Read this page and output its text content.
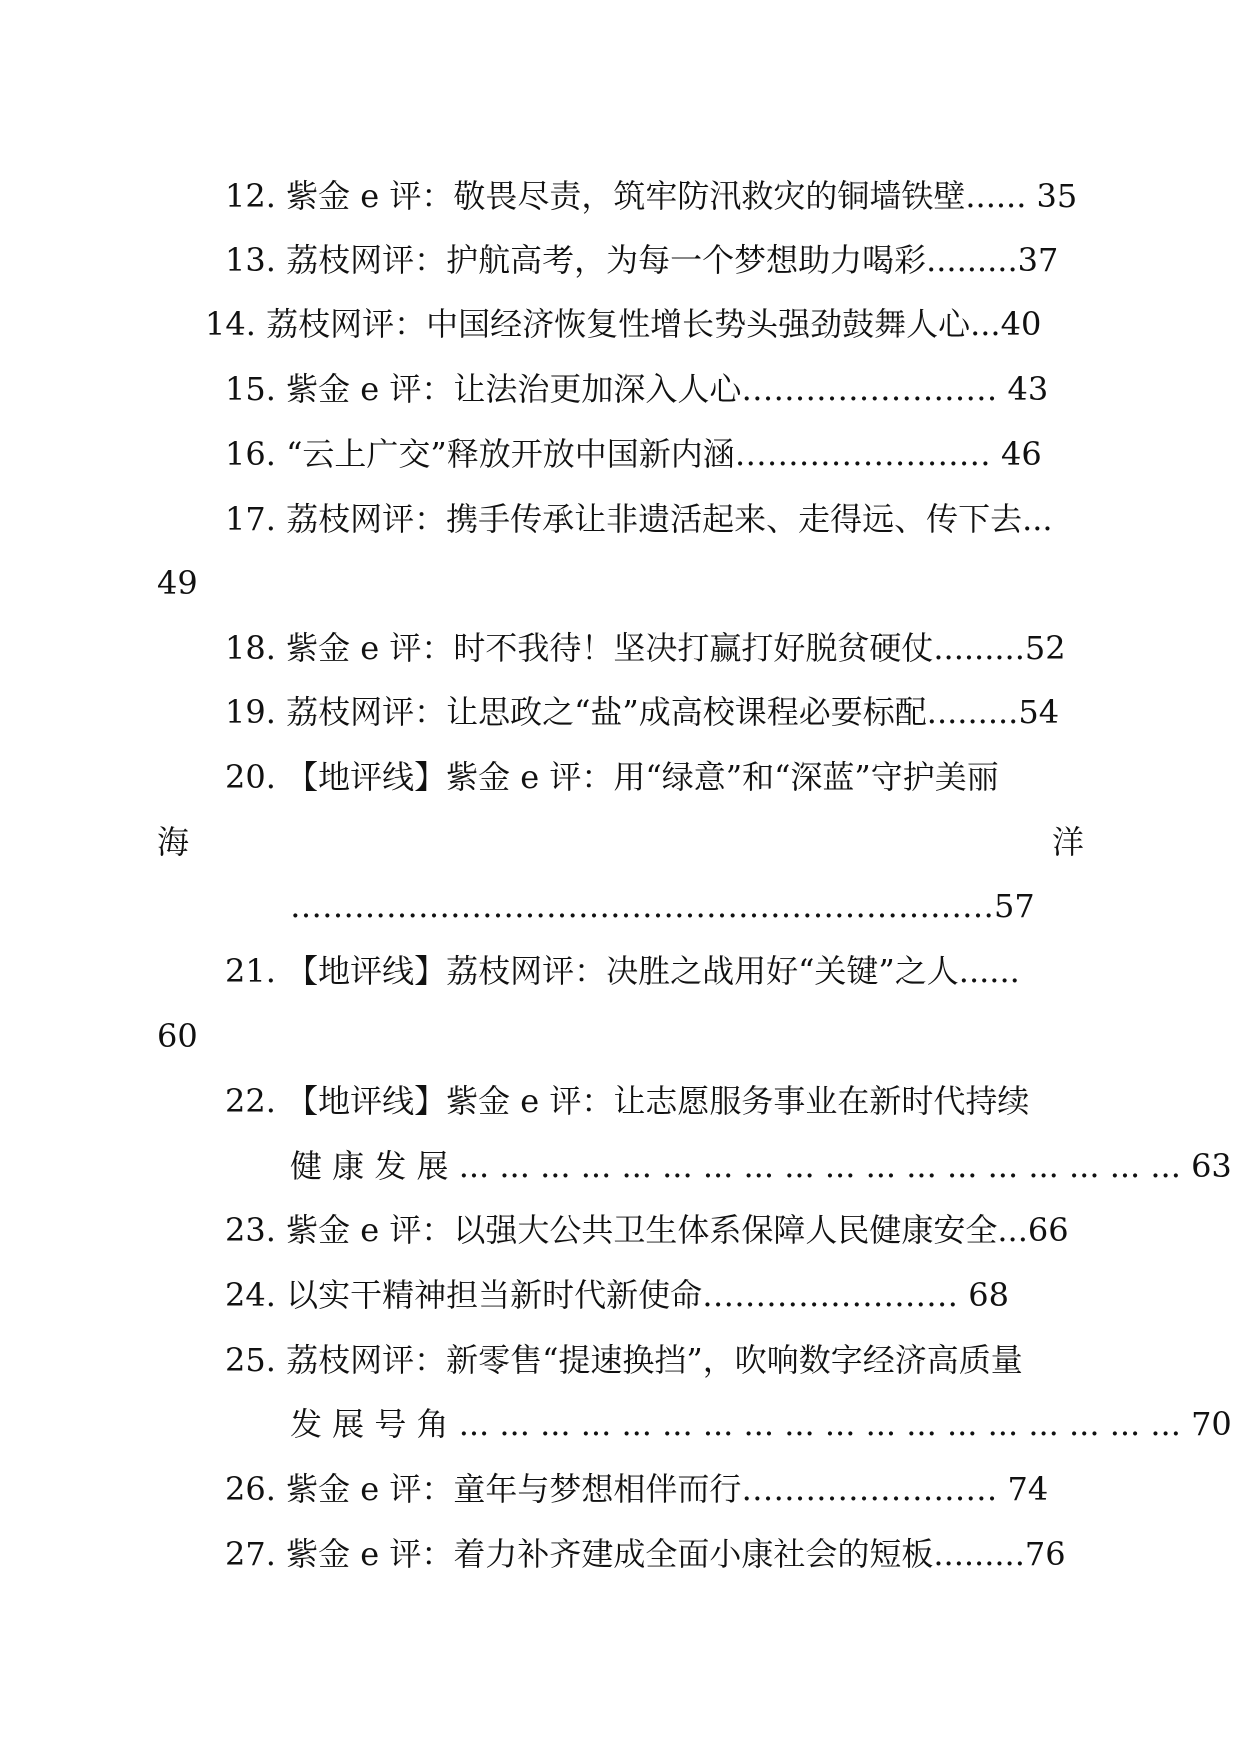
12. 紫金 e 评：敬畏尽责，筑牢防汛救灾的铜墙铁壁...... 35
13. 荔枝网评：护航高考，为每一个梦想助力喝彩.........37
14. 荔枝网评：中国经济恢复性增长势头强劲鼓舞人心...40
15. 紫金 e 评：让法治更加深入人心…………………… 43
16. “云上广交”释放开放中国新内涵…………………… 46
17. 荔枝网评：携手传承让非遗活起来、走得远、传下去...
49
18. 紫金 e 评：时不我待！坚决打赢打好脱贫硬仗.........52
19. 荔枝网评：让思政之“盐”成高校课程必要标配.........54
20. 【地评线】紫金 e 评：用“绿意”和“深蓝”守护美丽
海	洋
…………………………………………………………57
21. 【地评线】荔枝网评：决胜之战用好“关键”之人......
60
22. 【地评线】紫金 e 评：让志愿服务事业在新时代持续
健 康 发 展 ... ... ... ... ... ... ... ... ... ... ... ... ... ... ... ... ... ... 63
23. 紫金 e 评：以强大公共卫生体系保障人民健康安全...66
24. 以实干精神担当新时代新使命…………………… 68
25. 荔枝网评：新零售“提速换挡”，吹响数字经济高质量
发 展 号 角 ... ... ... ... ... ... ... ... ... ... ... ... ... ... ... ... ... ... 70
26. 紫金 e 评：童年与梦想相伴而行…………………… 74
27. 紫金 e 评：着力补齐建成全面小康社会的短板.........76
